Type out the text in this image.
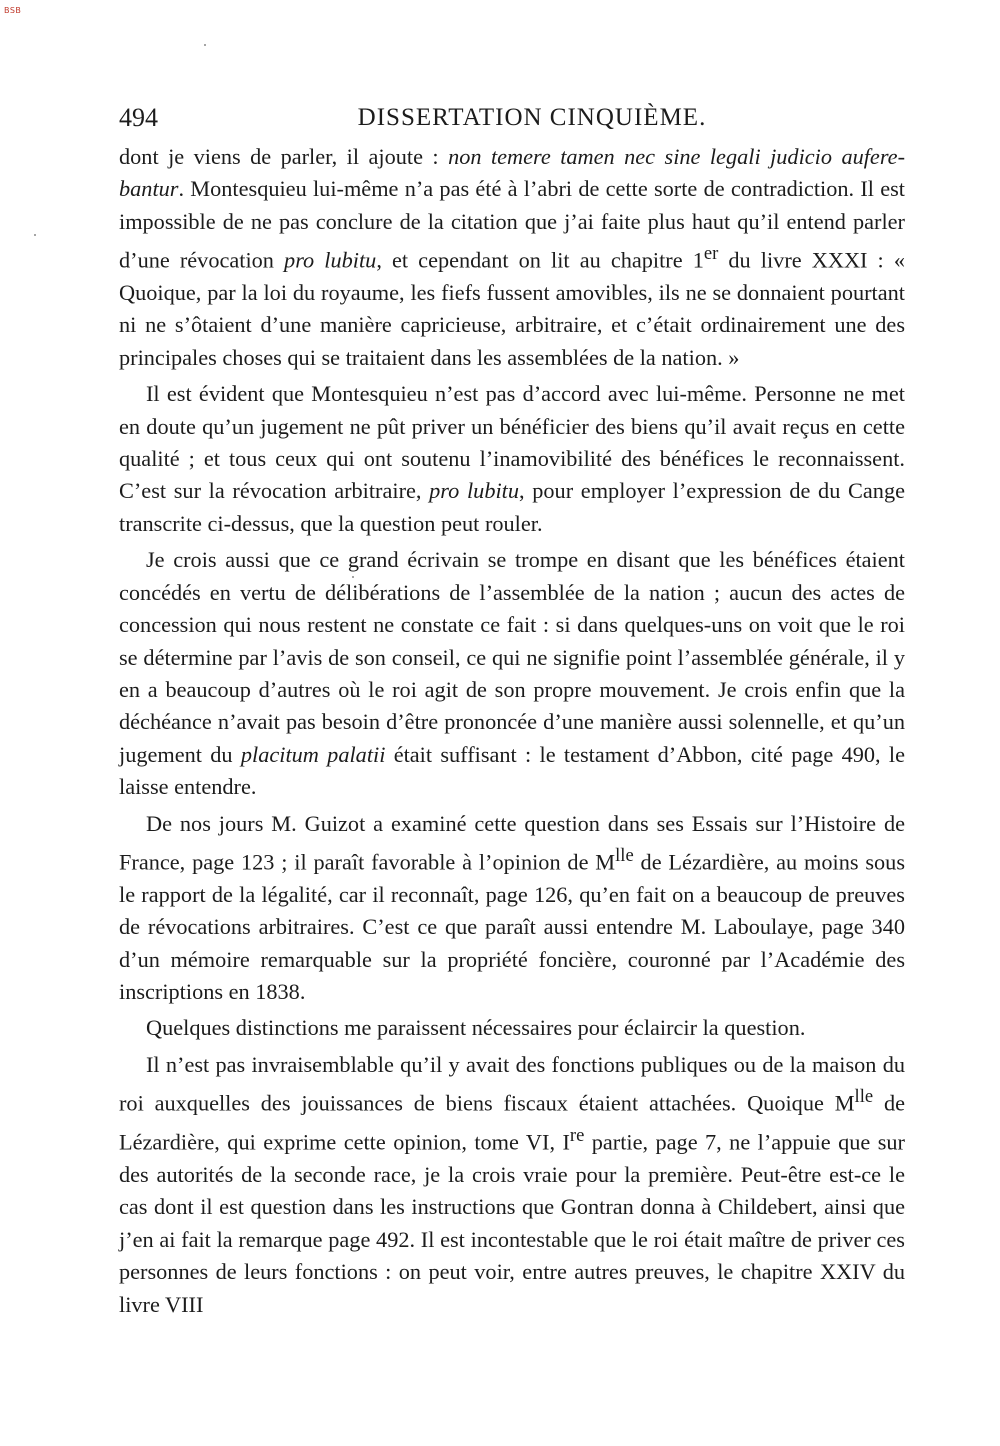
BSB
494	DISSERTATION CINQUIÈME.

dont je viens de parler, il ajoute : non temere tamen nec sine legali judicio aufere-bantur. Montesquieu lui-même n’a pas été à l’abri de cette sorte de contradiction. Il est impossible de ne pas conclure de la citation que j’ai faite plus haut qu’il entend parler d’une révocation pro lubitu, et cependant on lit au chapitre 1er du livre XXXI : « Quoique, par la loi du royaume, les fiefs fussent amovibles, ils ne se donnaient pourtant ni ne s’ôtaient d’une manière capricieuse, arbitraire, et c’était ordinairement une des principales choses qui se traitaient dans les assemblées de la nation. »

Il est évident que Montesquieu n’est pas d’accord avec lui-même. Personne ne met en doute qu’un jugement ne pût priver un bénéficier des biens qu’il avait reçus en cette qualité ; et tous ceux qui ont soutenu l’inamovibilité des bénéfices le reconnaissent. C’est sur la révocation arbitraire, pro lubitu, pour employer l’expression de du Cange transcrite ci-dessus, que la question peut rouler.

Je crois aussi que ce grand écrivain se trompe en disant que les bénéfices étaient concédés en vertu de délibérations de l’assemblée de la nation ; aucun des actes de concession qui nous restent ne constate ce fait : si dans quelques-uns on voit que le roi se détermine par l’avis de son conseil, ce qui ne signifie point l’assemblée générale, il y en a beaucoup d’autres où le roi agit de son propre mouvement. Je crois enfin que la déchéance n’avait pas besoin d’être prononcée d’une manière aussi solennelle, et qu’un jugement du placitum palatii était suffisant : le testament d’Abbon, cité page 490, le laisse entendre.

De nos jours M. Guizot a examiné cette question dans ses Essais sur l’Histoire de France, page 123 ; il paraît favorable à l’opinion de $M^{lle}$ de Lézardière, au moins sous le rapport de la légalité, car il reconnaît, page 126, qu’en fait on a beaucoup de preuves de révocations arbitraires. C’est ce que paraît aussi entendre M. Laboulaye, page 340 d’un mémoire remarquable sur la propriété foncière, couronné par l’Académie des inscriptions en 1838.

Quelques distinctions me paraissent nécessaires pour éclaircir la question.

Il n’est pas invraisemblable qu’il y avait des fonctions publiques ou de la maison du roi auxquelles des jouissances de biens fiscaux étaient attachées. Quoique $M^{lle}$ de Lézardière, qui exprime cette opinion, tome VI, Ire partie, page 7, ne l’appuie que sur des autorités de la seconde race, je la crois vraie pour la première. Peut-être est-ce le cas dont il est question dans les instructions que Gontran donna à Childebert, ainsi que j’en ai fait la remarque page 492. Il est incontestable que le roi était maître de priver ces personnes de leurs fonctions : on peut voir, entre autres preuves, le chapitre XXIV du livre VIII
